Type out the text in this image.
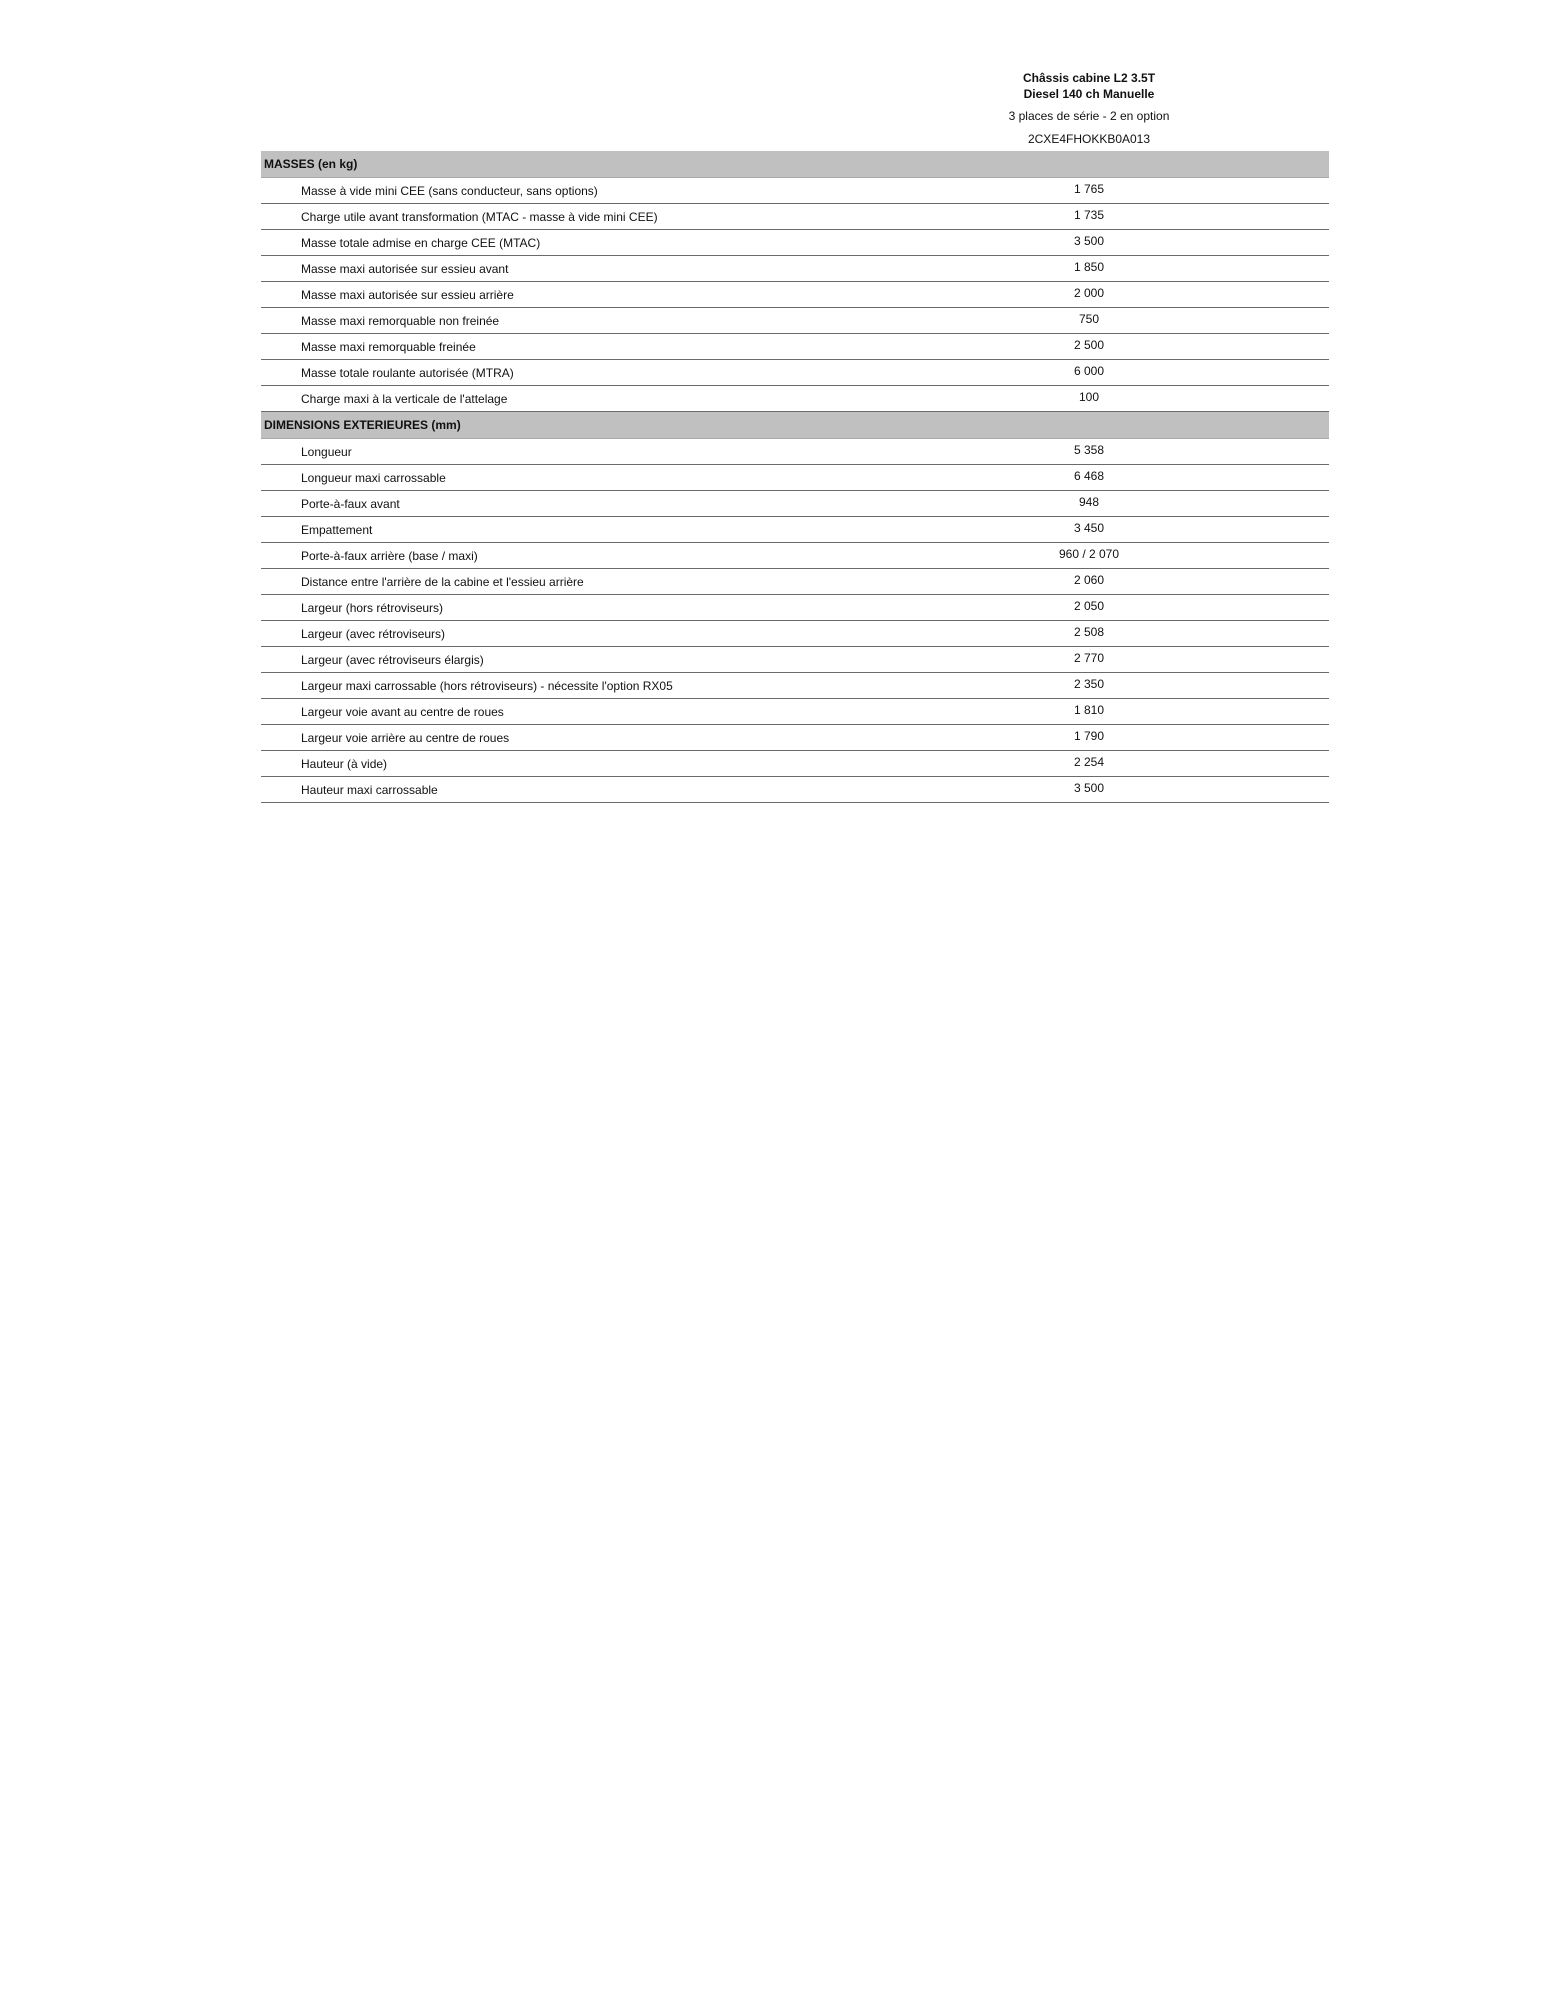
Châssis cabine L2 3.5T
Diesel 140 ch Manuelle
3 places de série - 2 en option
2CXE4FHOKKB0A013
MASSES (en kg)
Masse à vide mini CEE (sans conducteur, sans options)	1 765
Charge utile avant transformation (MTAC - masse à vide mini CEE)	1 735
Masse totale admise en charge CEE (MTAC)	3 500
Masse maxi autorisée sur essieu avant	1 850
Masse maxi autorisée sur essieu arrière	2 000
Masse maxi remorquable non freinée	750
Masse maxi remorquable freinée	2 500
Masse totale roulante autorisée (MTRA)	6 000
Charge maxi à la verticale de l'attelage	100
DIMENSIONS EXTERIEURES (mm)
Longueur	5 358
Longueur maxi carrossable	6 468
Porte-à-faux avant	948
Empattement	3 450
Porte-à-faux arrière (base / maxi)	960 / 2 070
Distance entre l'arrière de la cabine et l'essieu arrière	2 060
Largeur (hors rétroviseurs)	2 050
Largeur (avec rétroviseurs)	2 508
Largeur (avec rétroviseurs élargis)	2 770
Largeur maxi carrossable (hors rétroviseurs) - nécessite l'option RX05	2 350
Largeur voie avant au centre de roues	1 810
Largeur voie arrière au centre de roues	1 790
Hauteur (à vide)	2 254
Hauteur maxi carrossable	3 500
